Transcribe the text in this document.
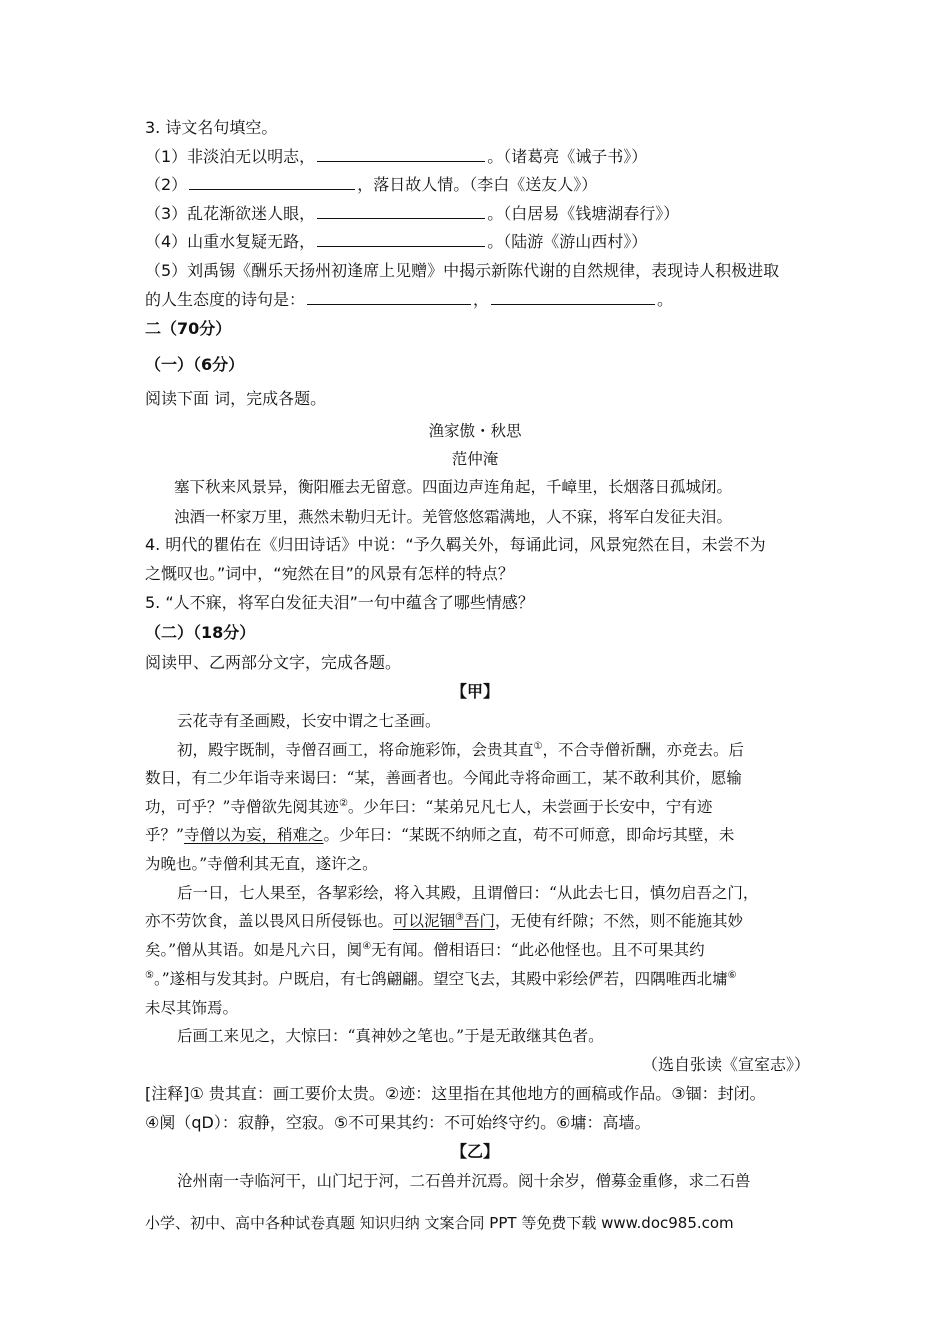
3. 诗文名句填空。
（1）非淡泊无以明志，	。（诸葛亮《诫子书》）
（2）	，落日故人情。（李白《送友人》）
（3）乱花渐欲迷人眼，	。（白居易《钱塘湖春行》）
（4）山重水复疑无路，	。（陆游《游山西村》）
（5）刘禹锡《酬乐天扬州初逢席上见赠》中揭示新陈代谢的自然规律，表现诗人积极进取
的人生态度的诗句是：	，	。
二（70分）
（一）（6分）
阅读下面 词，完成各题。
渔家傲・秋思
范仲淹
塞下秋来风景异，衡阳雁去无留意。四面边声连角起，千嶂里，长烟落日孤城闭。
浊酒一杯家万里，燕然未勒归无计。羌管悠悠霜满地，人不寐，将军白发征夫泪。
4. 明代的瞿佑在《归田诗话》中说：“予久羁关外，每诵此词，风景宛然在目，未尝不为
之慨叹也。”词中，“宛然在目”的风景有怎样的特点？
5. “人不寐，将军白发征夫泪”一句中蕴含了哪些情感？
（二）（18分）
阅读甲、乙两部分文字，完成各题。
【甲】
云花寺有圣画殿，长安中谓之七圣画。
初，殿宇既制，寺僧召画工，将命施彩饰，会贵其直①，不合寺僧祈酬，亦竞去。后
数日，有二少年诣寺来谒曰：“某，善画者也。今闻此寺将命画工，某不敢利其价，愿输
功，可乎？”寺僧欲先阅其迹②。少年曰：“某弟兄凡七人，未尝画于长安中，宁有迹
乎？”寺僧以为妄，稍难之。少年曰：“某既不纳师之直，苟不可师意，即命圬其壁，未
为晚也。”寺僧利其无直，遂许之。
后一日，七人果至，各挈彩绘，将入其殿，且谓僧曰：“从此去七日，慎勿启吾之门，
亦不劳饮食，盖以畏风日所侵铄也。可以泥锢③吾门，无使有纤隙；不然，则不能施其妙
矣。”僧从其语。如是凡六日，阒④无有闻。僧相语曰：“此必他怪也。且不可果其约
⑤。”遂相与发其封。户既启，有七鸽翩翩。望空飞去，其殿中彩绘俨若，四隅唯西北墉⑥
未尽其饰焉。
后画工来见之，大惊曰：“真神妙之笔也。”于是无敢继其色者。
（选自张读《宣室志》）
[注释]① 贵其直：画工要价太贵。②迹：这里指在其他地方的画稿或作品。③锢：封闭。
④阒（qD）：寂静，空寂。⑤不可果其约：不可始终守约。⑥墉：高墙。
【乙】
沧州南一寺临河干，山门圮于河，二石兽并沉焉。阅十余岁，僧募金重修，求二石兽
小学、初中、高中各种试卷真题 知识归纳 文案合同 PPT 等免费下载 www.doc985.com
